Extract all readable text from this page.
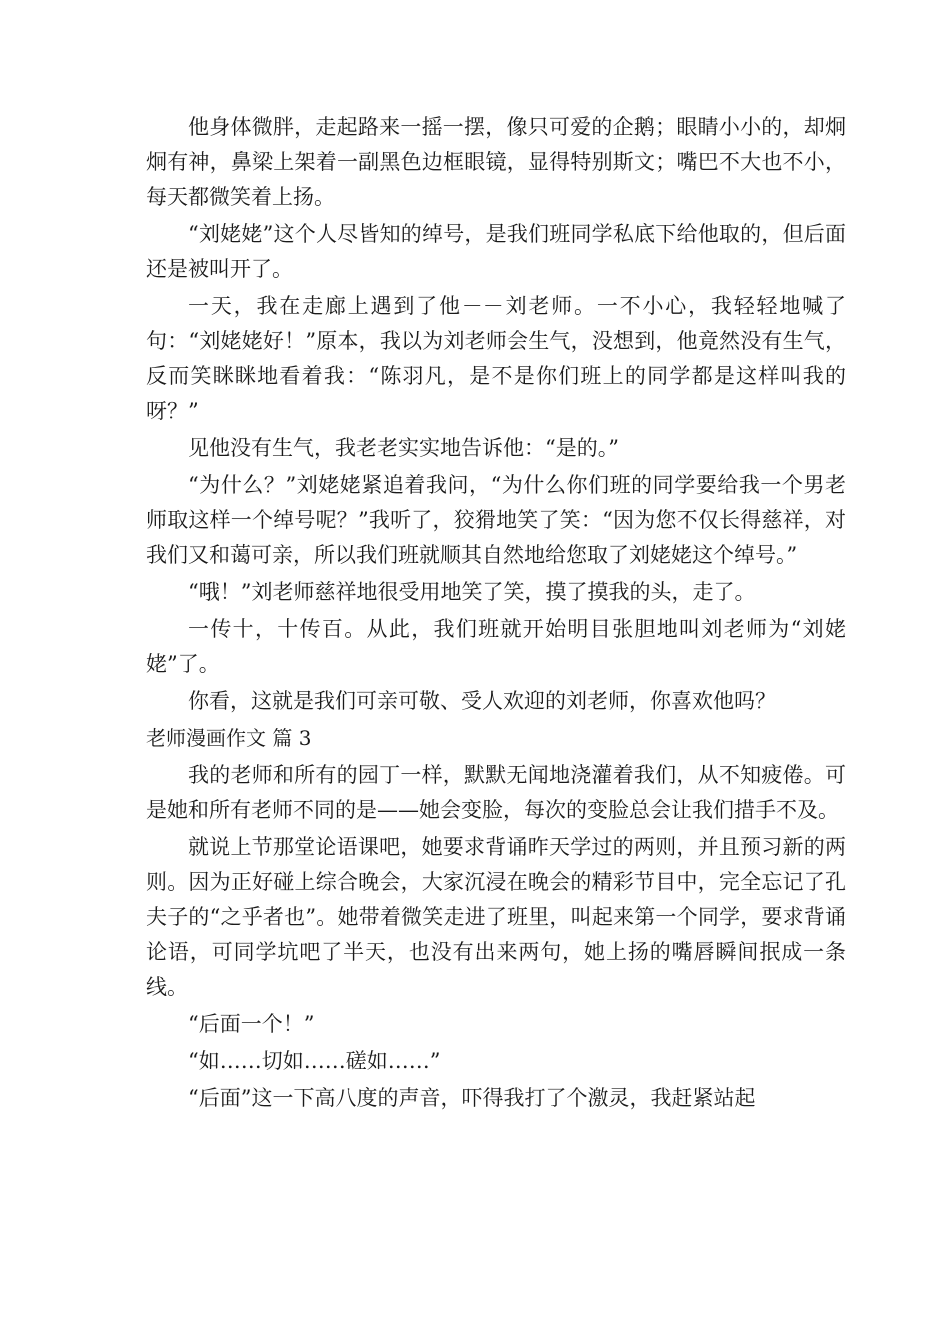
他身体微胖，走起路来一摇一摆，像只可爱的企鹅；眼睛小小的，却炯炯有神，鼻梁上架着一副黑色边框眼镜，显得特别斯文；嘴巴不大也不小，每天都微笑着上扬。

“刘姥姥”这个人尽皆知的绰号，是我们班同学私底下给他取的，但后面还是被叫开了。

一天，我在走廊上遇到了他－－刘老师。一不小心，我轻轻地喊了句：“刘姥姥好！”原本，我以为刘老师会生气，没想到，他竟然没有生气，反而笑眯眯地看着我：“陈羽凡，是不是你们班上的同学都是这样叫我的呀？”

见他没有生气，我老老实实地告诉他：“是的。”

“为什么？”刘姥姥紧追着我问，“为什么你们班的同学要给我一个男老师取这样一个绰号呢？”我听了，狡猾地笑了笑：“因为您不仅长得慈祥，对我们又和蔼可亲，所以我们班就顺其自然地给您取了刘姥姥这个绰号。”

“哦！”刘老师慈祥地很受用地笑了笑，摸了摸我的头，走了。

一传十，十传百。从此，我们班就开始明目张胆地叫刘老师为“刘姥姥”了。

你看，这就是我们可亲可敬、受人欢迎的刘老师，你喜欢他吗？

老师漫画作文 篇 3

我的老师和所有的园丁一样，默默无闻地浇灌着我们，从不知疲倦。可是她和所有老师不同的是——她会变脸，每次的变脸总会让我们措手不及。

就说上节那堂论语课吧，她要求背诵昨天学过的两则，并且预习新的两则。因为正好碰上综合晚会，大家沉浸在晚会的精彩节目中，完全忘记了孔夫子的“之乎者也”。她带着微笑走进了班里，叫起来第一个同学，要求背诵论语，可同学坑吧了半天，也没有出来两句，她上扬的嘴唇瞬间抿成一条线。

“后面一个！”

“如……切如……磋如……”

“后面”这一下高八度的声音，吓得我打了个激灵，我赶紧站起
